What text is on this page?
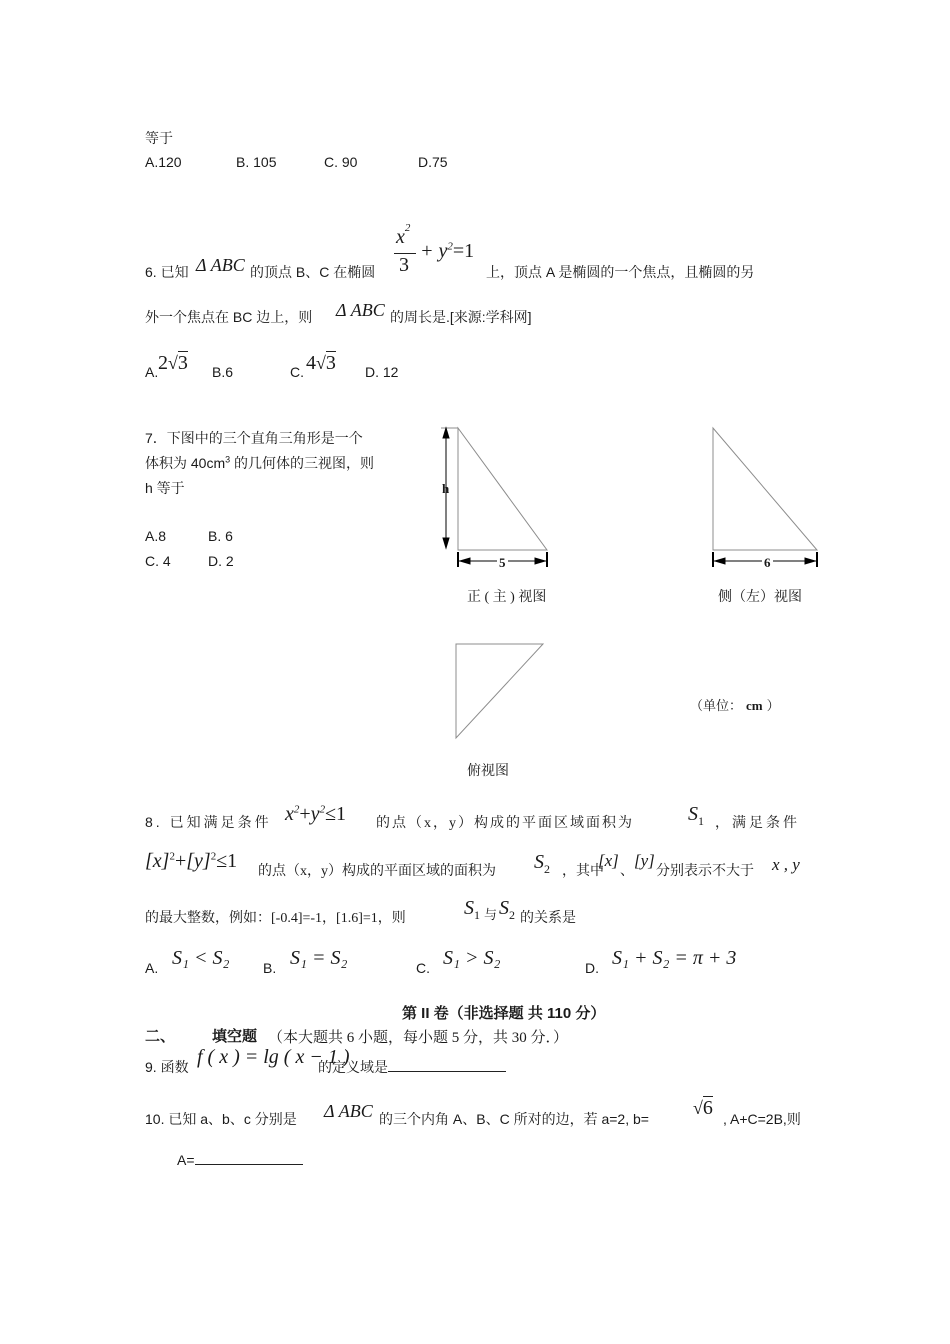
等于
A.120	B. 105	C. 90	D.75
6. 已知 Δ ABC 的顶点 B、C 在椭圆
$x^2$
3
+ $y^2=1$
上，顶点 A 是椭圆的一个焦点，且椭圆的另
外一个焦点在 BC 边上，则 Δ ABC 的周长是.[来源:学科网]
A. 2√3 B.6	C. 4√3 D. 12
7．下图中的三个直角三角形是一个
体积为 $40cm^3$ 的几何体的三视图，则
h 等于
A.8	B. 6
C. 4	D. 2
h
5	6
正 ( 主 ) 视图	侧（左）视图
俯视图
（单位： cm ）
8. 已知满足条件 $x^2+y^2\le 1$ 的点（x，y）构成的平面区域面积为	$S_1$ ，满足条件
$[x]^2+[y]^2\le 1$ 的点（x，y）构成的平面区域的面积为 $S_2$ ，其中
[x]
、
[y]
分别表示不大于 x , y
的最大整数，例如：[-0.4]=-1，[1.6]=1，则	$S_1$ 与 $S_2$ 的关系是
A. S₁ < S₂ B. S₁ = S₂	C. S₁ > S₂	D. S₁ + S₂ = π + 3
第 II 卷（非选择题 共 110 分）
二、 填空题 （本大题共 6 小题，每小题 5 分，共 30 分．）
9. 函数 f ( x ) = lg ( x − 1 )
的定义域是
10. 已知 a、b、c 分别是 Δ ABC 的三个内角 A、B、C 所对的边，若 a=2, b=
√6 , A+C=2B,则
A=
